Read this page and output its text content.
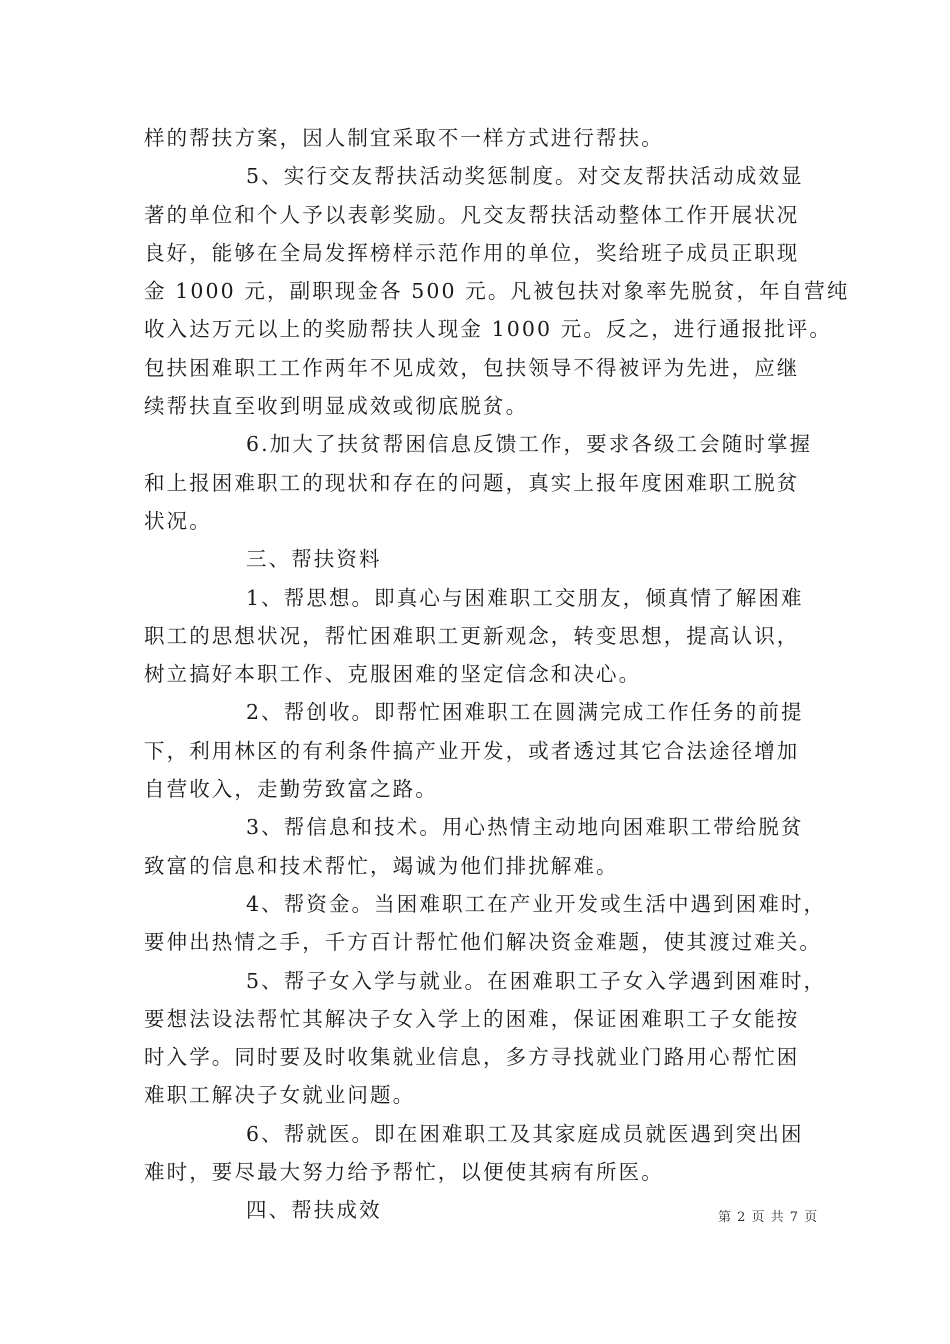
样的帮扶方案，因人制宜采取不一样方式进行帮扶。
5、实行交友帮扶活动奖惩制度。对交友帮扶活动成效显
著的单位和个人予以表彰奖励。凡交友帮扶活动整体工作开展状况
良好，能够在全局发挥榜样示范作用的单位，奖给班子成员正职现
金 1000 元，副职现金各 500 元。凡被包扶对象率先脱贫，年自营纯
收入达万元以上的奖励帮扶人现金 1000 元。反之，进行通报批评。
包扶困难职工工作两年不见成效，包扶领导不得被评为先进，应继
续帮扶直至收到明显成效或彻底脱贫。
6.加大了扶贫帮困信息反馈工作，要求各级工会随时掌握
和上报困难职工的现状和存在的问题，真实上报年度困难职工脱贫
状况。
三、帮扶资料
1、帮思想。即真心与困难职工交朋友，倾真情了解困难
职工的思想状况，帮忙困难职工更新观念，转变思想，提高认识，
树立搞好本职工作、克服困难的坚定信念和决心。
2、帮创收。即帮忙困难职工在圆满完成工作任务的前提
下，利用林区的有利条件搞产业开发，或者透过其它合法途径增加
自营收入，走勤劳致富之路。
3、帮信息和技术。用心热情主动地向困难职工带给脱贫
致富的信息和技术帮忙，竭诚为他们排扰解难。
4、帮资金。当困难职工在产业开发或生活中遇到困难时，
要伸出热情之手，千方百计帮忙他们解决资金难题，使其渡过难关。
5、帮子女入学与就业。在困难职工子女入学遇到困难时，
要想法设法帮忙其解决子女入学上的困难，保证困难职工子女能按
时入学。同时要及时收集就业信息，多方寻找就业门路用心帮忙困
难职工解决子女就业问题。
6、帮就医。即在困难职工及其家庭成员就医遇到突出困
难时，要尽最大努力给予帮忙，以便使其病有所医。
四、帮扶成效	第 2 页 共 7 页
